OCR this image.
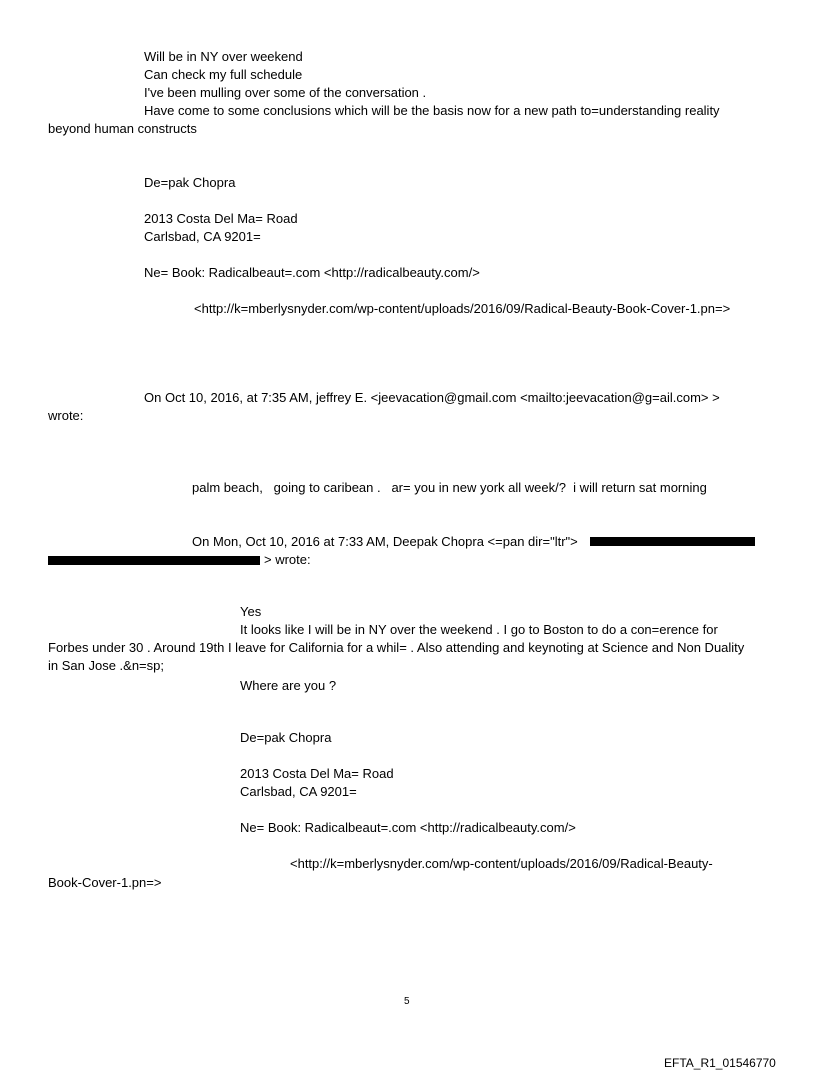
Will be in NY over weekend
Can check my full schedule
I've been mulling over some of the conversation .
Have come to some conclusions which will be the basis now for a new path to=understanding reality
beyond human constructs
De=pak Chopra
2013 Costa Del Ma= Road
Carlsbad, CA 9201=
Ne= Book: Radicalbeaut=.com <http://radicalbeauty.com/>
<http://k=mberlysnyder.com/wp-content/uploads/2016/09/Radical-Beauty-Book-Cover-1.pn=>
On Oct 10, 2016, at 7:35 AM, jeffrey E. <jeevacation@gmail.com <mailto:jeevacation@g=ail.com> >
wrote:
palm beach,   going to caribean .   ar= you in new york all week/?  i will return sat morning
On Mon, Oct 10, 2016 at 7:33 AM, Deepak Chopra <=pan dir="ltr">
> wrote:
Yes
It looks like I will be in NY over the weekend . I go to Boston to do a con=erence for
Forbes under 30 . Around 19th I leave for California for a whil= . Also attending and keynoting at Science and Non Duality
in San Jose .&n=sp;
Where are you ?
De=pak Chopra
2013 Costa Del Ma= Road
Carlsbad, CA 9201=
Ne= Book: Radicalbeaut=.com <http://radicalbeauty.com/>
<http://k=mberlysnyder.com/wp-content/uploads/2016/09/Radical-Beauty-
Book-Cover-1.pn=>
5
EFTA_R1_01546770
